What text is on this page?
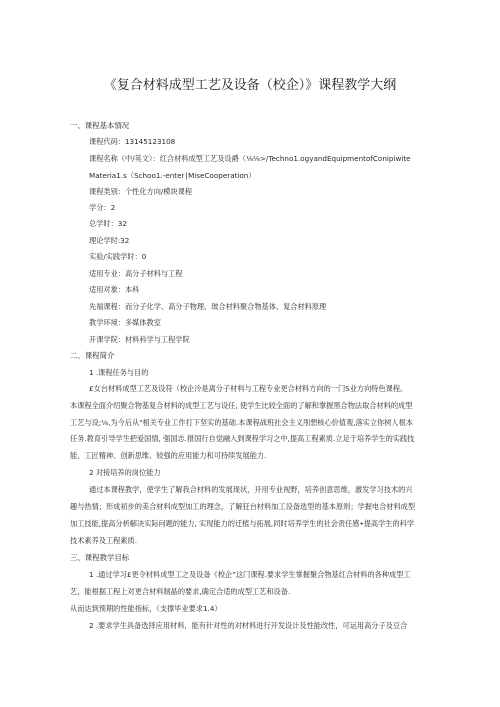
《复合材料成型工艺及设备（校企）》课程教学大纲
一、课程基本情况
课程代码：13145123108
课程名称（中/英文）：红合材料成型工艺及设爵（⅛⅛>/Techno1.ogyandEquipmentofConipiwite
Materia1.s（Schoo1.-enter∣MiseCooperation）
课程类别：个性化方向/模块课程
学分：2
总学时：32
理论学时:32
实验/实践学时：0
适用专业：高分子材料与工程
适用对象：本科
先福课程：而分子化学、高分子物理、玻合材料聚合物基体、复合材料原理
教学环境：多媒体教室
开课学院：材料科学与工程学院
二、课程简介
1 .课程任务与目的
£女台材料成型工艺及设符（校企冷是离分子材料与工程专业更合材料方向的一门S业方向特色课程。
本课程全面介绍聚合物基复合材料的成型工艺与设任, 使学生比较全面的了解和掌握黑合物法取合材料的成型
工艺与设;⅛,为今后从"相关专业工作打下坚实的基础.本课程战班社会主义刖想核心价值观,落实立你树人根本
任务.教育引导学生把爱国情, 强国志.报国行自觉融入到课程学习之中,提高工程素质.立足于培养学生的实践技
能、工匠精神、创新思维、较强的应用能力和可持续发展能力.
2 对接培养的岗位能力
通过本课程教学，使学生了解我合材料的发展现状，开用专业视野，培养创意思维，激发学习技术的兴
趣与热情；形成初步的美合材料成型加工的理念，了解狂台材料加工设备选型的基本原则；学握电合材料成型
加工技能,提高分析解决实际问题的能力, 实现能力的迁植与拓展,同时培养学生的社会责任感•提高学生的科学
技术素养及工程素质.
三、课程教学目标
1 .通过学习£更令材料成型工之及设备《校企”这门课程.要求学生掌握聚合物基红合材料的各种成型工
艺，能根据工程上对更合材料制晶的要求,确定合适的成型工艺和设备.
从而达到预期的性能指标，（支撑毕业要求1.4）
2 .要求学生具备选择应用材料，能有针对性的对材料进行开发设计及性能改性，可运用高分子及豆合
